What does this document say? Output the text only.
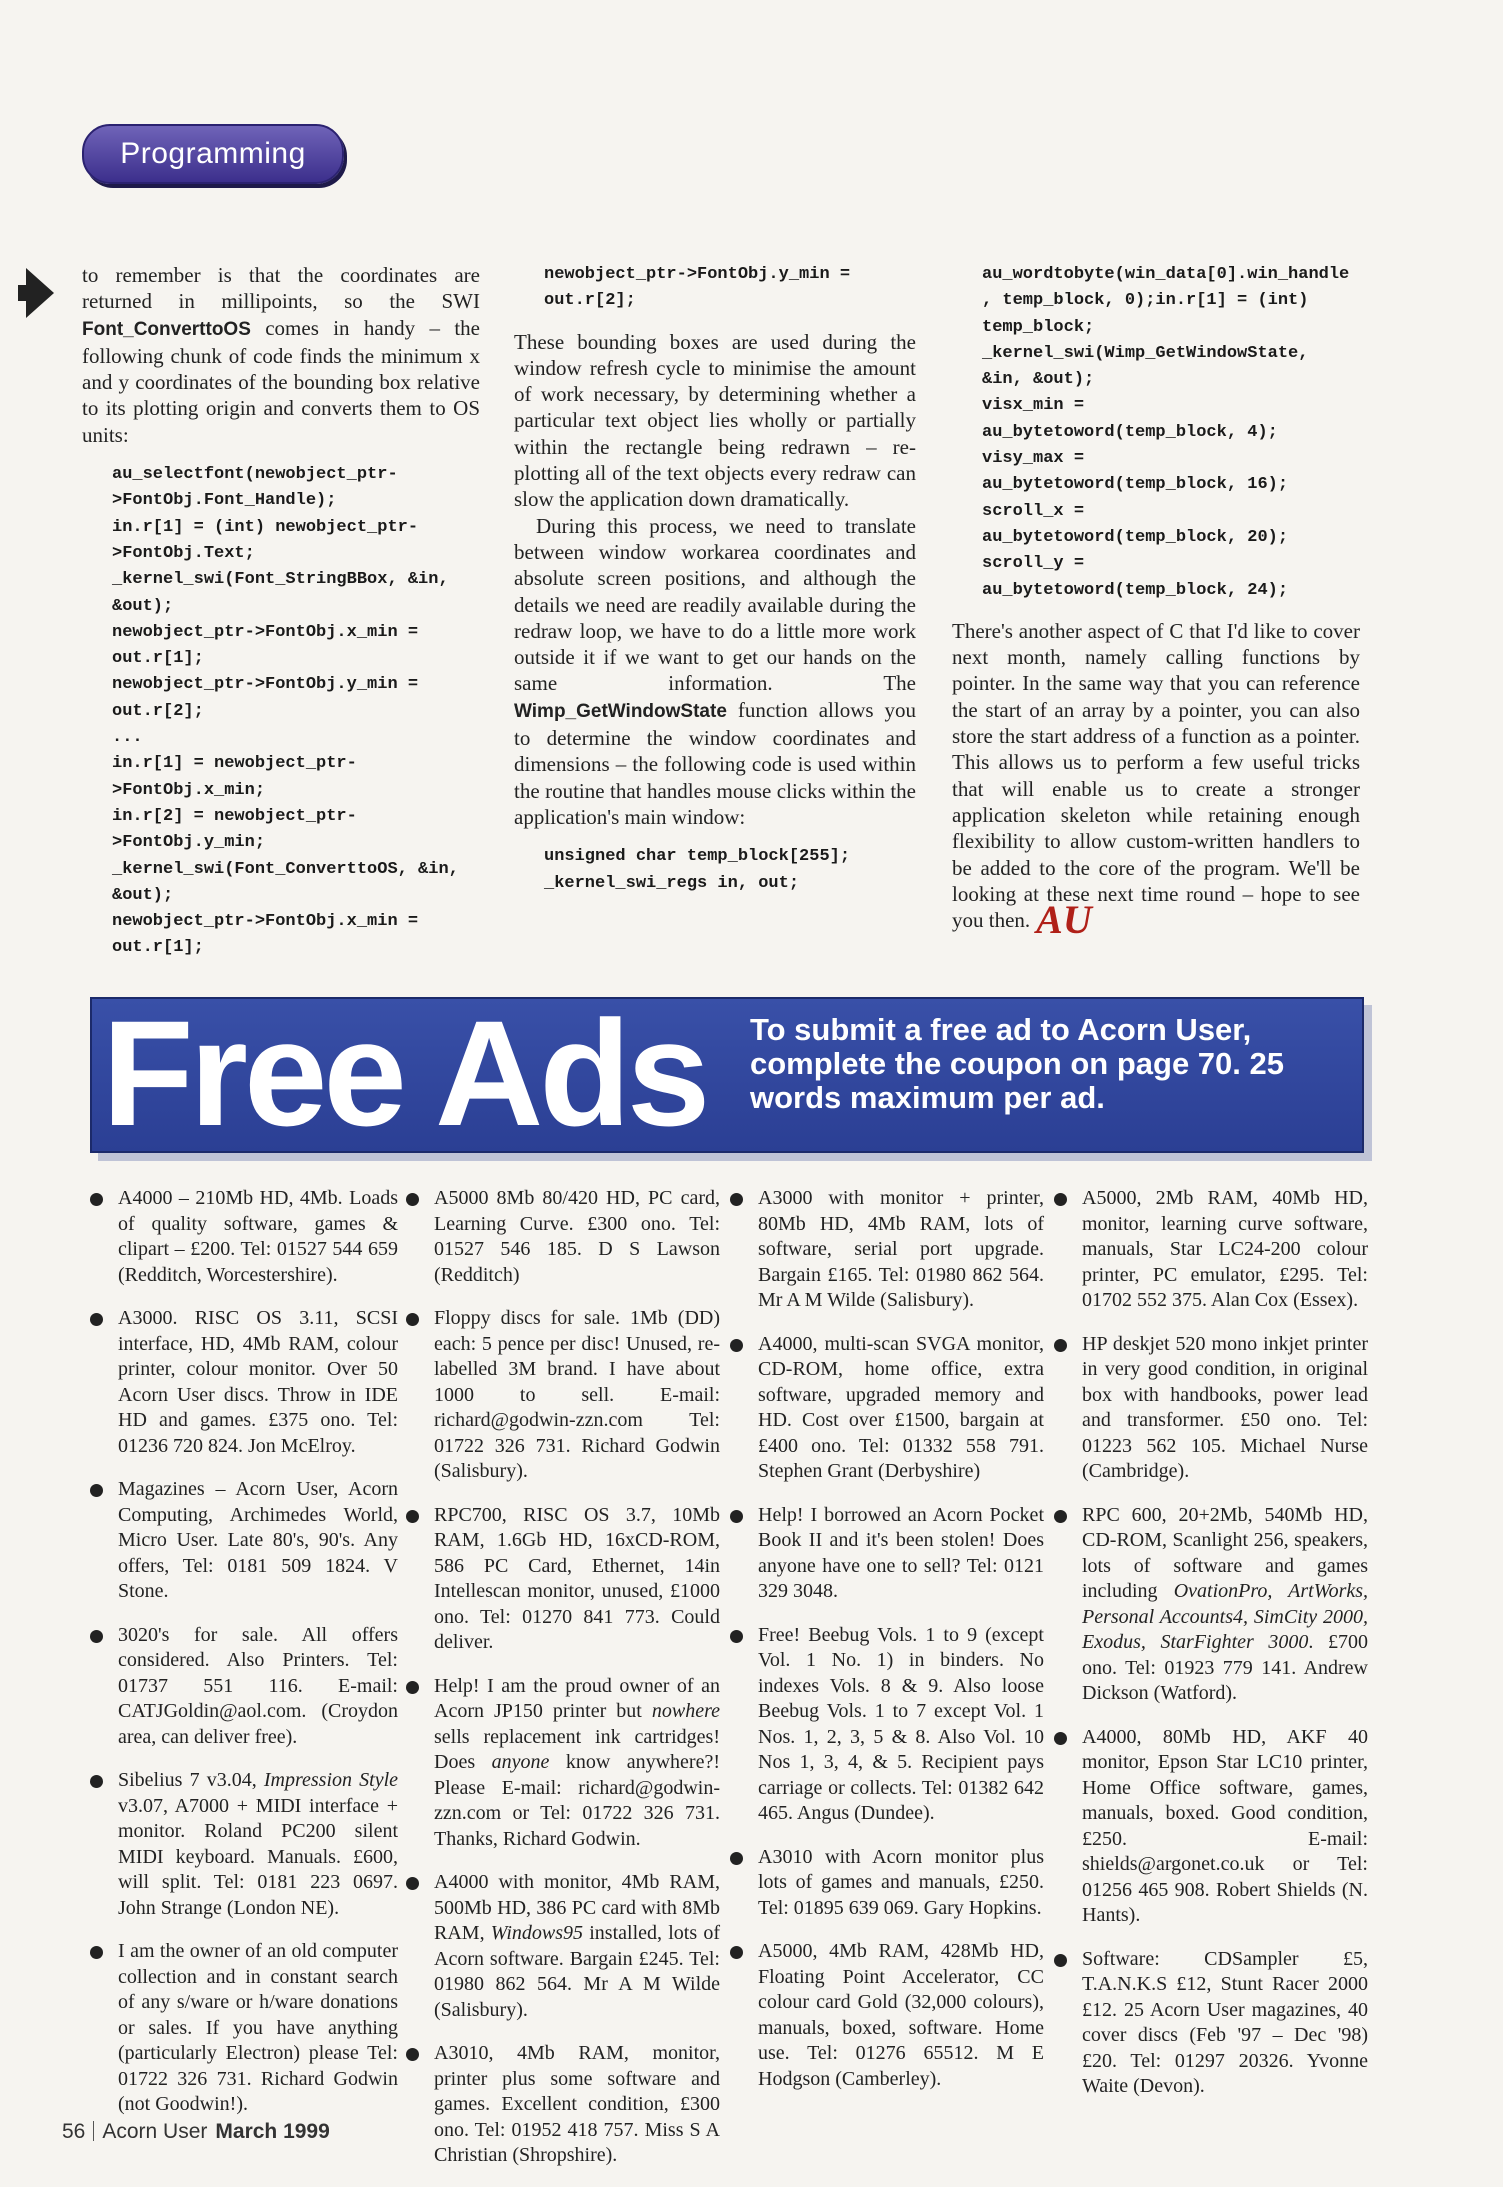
Programming

to remember is that the coordinates are returned in millipoints, so the SWI Font_ConverttoOS comes in handy – the following chunk of code finds the minimum x and y coordinates of the bounding box relative to its plotting origin and converts them to OS units:

au_selectfont(newobject_ptr-
>FontObj.Font_Handle);
in.r[1] = (int) newobject_ptr-
>FontObj.Text;
_kernel_swi(Font_StringBBox, &in,
&out);
newobject_ptr->FontObj.x_min =
out.r[1];
newobject_ptr->FontObj.y_min =
out.r[2];
...
in.r[1] = newobject_ptr-
>FontObj.x_min;
in.r[2] = newobject_ptr-
>FontObj.y_min;
_kernel_swi(Font_ConverttoOS, &in,
&out);
newobject_ptr->FontObj.x_min =
out.r[1];
newobject_ptr->FontObj.y_min =
out.r[2];

These bounding boxes are used during the window refresh cycle to minimise the amount of work necessary, by determining whether a particular text object lies wholly or partially within the rectangle being redrawn – re-plotting all of the text objects every redraw can slow the application down dramatically.

During this process, we need to translate between window workarea coordinates and absolute screen positions, and although the details we need are readily available during the redraw loop, we have to do a little more work outside it if we want to get our hands on the same information. The Wimp_GetWindowState function allows you to determine the window coordinates and dimensions – the following code is used within the routine that handles mouse clicks within the application's main window:

unsigned char temp_block[255];
_kernel_swi_regs in, out;
au_wordtobyte(win_data[0].win_handle
, temp_block, 0);in.r[1] = (int)
temp_block;
_kernel_swi(Wimp_GetWindowState,
&in, &out);
visx_min =
au_bytetoword(temp_block, 4);
visy_max =
au_bytetoword(temp_block, 16);
scroll_x =
au_bytetoword(temp_block, 20);
scroll_y =
au_bytetoword(temp_block, 24);

There's another aspect of C that I'd like to cover next month, namely calling functions by pointer. In the same way that you can reference the start of an array by a pointer, you can also store the start address of a function as a pointer. This allows us to perform a few useful tricks that will enable us to create a stronger application skeleton while retaining enough flexibility to allow custom-written handlers to be added to the core of the program. We'll be looking at these next time round – hope to see you then. AU

Free Ads To submit a free ad to Acorn User, complete the coupon on page 70. 25 words maximum per ad.
A4000 – 210Mb HD, 4Mb. Loads of quality software, games & clipart – £200. Tel: 01527 544 659 (Redditch, Worcestershire).
A3000. RISC OS 3.11, SCSI interface, HD, 4Mb RAM, colour printer, colour monitor. Over 50 Acorn User discs. Throw in IDE HD and games. £375 ono. Tel: 01236 720 824. Jon McElroy.
Magazines – Acorn User, Acorn Computing, Archimedes World, Micro User. Late 80's, 90's. Any offers, Tel: 0181 509 1824. V Stone.
3020's for sale. All offers considered. Also Printers. Tel: 01737 551 116. E-mail: CATJGoldin@aol.com. (Croydon area, can deliver free).
Sibelius 7 v3.04, Impression Style v3.07, A7000 + MIDI interface + monitor. Roland PC200 silent MIDI keyboard. Manuals. £600, will split. Tel: 0181 223 0697. John Strange (London NE).
I am the owner of an old computer collection and in constant search of any s/ware or h/ware donations or sales. If you have anything (particularly Electron) please Tel: 01722 326 731. Richard Godwin (not Goodwin!).
A5000 8Mb 80/420 HD, PC card, Learning Curve. £300 ono. Tel: 01527 546 185. D S Lawson (Redditch)
Floppy discs for sale. 1Mb (DD) each: 5 pence per disc! Unused, re-labelled 3M brand. I have about 1000 to sell. E-mail: richard@godwin-zzn.com Tel: 01722 326 731. Richard Godwin (Salisbury).
RPC700, RISC OS 3.7, 10Mb RAM, 1.6Gb HD, 16xCD-ROM, 586 PC Card, Ethernet, 14in Intellescan monitor, unused, £1000 ono. Tel: 01270 841 773. Could deliver.
Help! I am the proud owner of an Acorn JP150 printer but nowhere sells replacement ink cartridges! Does anyone know anywhere?! Please E-mail: richard@godwin-zzn.com or Tel: 01722 326 731. Thanks, Richard Godwin.
A4000 with monitor, 4Mb RAM, 500Mb HD, 386 PC card with 8Mb RAM, Windows95 installed, lots of Acorn software. Bargain £245. Tel: 01980 862 564. Mr A M Wilde (Salisbury).
A3010, 4Mb RAM, monitor, printer plus some software and games. Excellent condition, £300 ono. Tel: 01952 418 757. Miss S A Christian (Shropshire).
A3000 with monitor + printer, 80Mb HD, 4Mb RAM, lots of software, serial port upgrade. Bargain £165. Tel: 01980 862 564. Mr A M Wilde (Salisbury).
A4000, multi-scan SVGA monitor, CD-ROM, home office, extra software, upgraded memory and HD. Cost over £1500, bargain at £400 ono. Tel: 01332 558 791. Stephen Grant (Derbyshire)
Help! I borrowed an Acorn Pocket Book II and it's been stolen! Does anyone have one to sell? Tel: 0121 329 3048.
Free! Beebug Vols. 1 to 9 (except Vol. 1 No. 1) in binders. No indexes Vols. 8 & 9. Also loose Beebug Vols. 1 to 7 except Vol. 1 Nos. 1, 2, 3, 5 & 8. Also Vol. 10 Nos 1, 3, 4, & 5. Recipient pays carriage or collects. Tel: 01382 642 465. Angus (Dundee).
A3010 with Acorn monitor plus lots of games and manuals, £250. Tel: 01895 639 069. Gary Hopkins.
A5000, 4Mb RAM, 428Mb HD, Floating Point Accelerator, CC colour card Gold (32,000 colours), manuals, boxed, software. Home use. Tel: 01276 65512. M E Hodgson (Camberley).
A5000, 2Mb RAM, 40Mb HD, monitor, learning curve software, manuals, Star LC24-200 colour printer, PC emulator, £295. Tel: 01702 552 375. Alan Cox (Essex).
HP deskjet 520 mono inkjet printer in very good condition, in original box with handbooks, power lead and transformer. £50 ono. Tel: 01223 562 105. Michael Nurse (Cambridge).
RPC 600, 20+2Mb, 540Mb HD, CD-ROM, Scanlight 256, speakers, lots of software and games including OvationPro, ArtWorks, Personal Accounts4, SimCity 2000, Exodus, StarFighter 3000. £700 ono. Tel: 01923 779 141. Andrew Dickson (Watford).
A4000, 80Mb HD, AKF 40 monitor, Epson Star LC10 printer, Home Office software, games, manuals, boxed. Good condition, £250. E-mail: shields@argonet.co.uk or Tel: 01256 465 908. Robert Shields (N. Hants).
Software: CDSampler £5, T.A.N.K.S £12, Stunt Racer 2000 £12. 25 Acorn User magazines, 40 cover discs (Feb '97 – Dec '98) £20. Tel: 01297 20326. Yvonne Waite (Devon).
56 Acorn User March 1999
